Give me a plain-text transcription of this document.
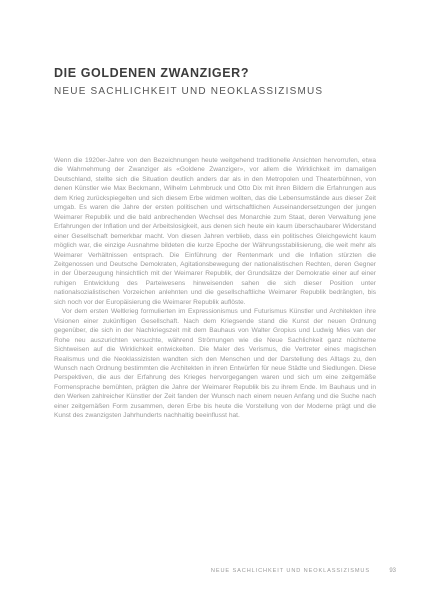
DIE GOLDENEN ZWANZIGER?
NEUE SACHLICHKEIT UND NEOKLASSIZISMUS

Wenn die 1920er-Jahre von den Bezeichnungen heute weitgehend traditionelle Ansichten hervorrufen, etwa die Wahrnehmung der Zwanziger als «Goldene Zwanziger», vor allem die Wirklichkeit im damaligen Deutschland, stellte sich die Situation deutlich anders dar als in den Metropolen und Theaterbühnen, von denen Künstler wie Max Beckmann, Wilhelm Lehmbruck und Otto Dix mit ihren Bildern die Erfahrungen aus dem Krieg zurückspiegelten und sich diesem Erbe widmen wollten, das die Lebensumstände aus dieser Zeit umgab. Es waren die Jahre der ersten politischen und wirtschaftlichen Auseinandersetzungen der jungen Weimarer Republik und die bald anbrechenden Wechsel des Monarchie zum Staat, deren Verwaltung jene Erfahrungen der Inflation und der Arbeitslosigkeit, aus denen sich heute ein kaum überschaubarer Widerstand einer Gesellschaft bemerkbar macht. Von diesen Jahren verblieb, dass ein politisches Gleichgewicht kaum möglich war, die einzige Ausnahme bildeten die kurze Epoche der Währungsstabilisierung, die weit mehr als Weimarer Verhältnissen entsprach. Die Einführung der Rentenmark und die Inflation stürzten die Zeitgenossen und Deutsche Demokraten, Agitationsbewegung der nationalistischen Rechten, deren Gegner in der Überzeugung hinsichtlich mit der Weimarer Republik, der Grundsätze der Demokratie einer auf einer ruhigen Entwicklung des Parteiwesens hinweisenden sahen die sich dieser Position unter nationalsozialistischen Vorzeichen anlehnten und die gesellschaftliche Weimarer Republik bedrängten, bis sich noch vor der Europäisierung die Weimarer Republik auflöste.

Vor dem ersten Weltkrieg formulierten im Expressionismus und Futurismus Künstler und Architekten ihre Visionen einer zukünftigen Gesellschaft. Nach dem Kriegsende stand die Kunst der neuen Ordnung gegenüber, die sich in der Nachkriegszeit mit dem Bauhaus von Walter Gropius und Ludwig Mies van der Rohe neu auszurichten versuchte, während Strömungen wie die Neue Sachlichkeit ganz nüchterne Sichtweisen auf die Wirklichkeit entwickelten. Die Maler des Verismus, die Vertreter eines magischen Realismus und die Neoklassizisten wandten sich den Menschen und der Darstellung des Alltags zu, den Wunsch nach Ordnung bestimmten die Architekten in ihren Entwürfen für neue Städte und Siedlungen. Diese Perspektiven, die aus der Erfahrung des Krieges hervorgegangen waren und sich um eine zeitgemäße Formensprache bemühten, prägten die Jahre der Weimarer Republik bis zu ihrem Ende. Im Bauhaus und in den Werken zahlreicher Künstler der Zeit fanden der Wunsch nach einem neuen Anfang und die Suche nach einer zeitgemäßen Form zusammen, deren Erbe bis heute die Vorstellung von der Moderne prägt und die Kunst des zwanzigsten Jahrhunderts nachhaltig beeinflusst hat.

NEUE SACHLICHKEIT UND NEOKLASSIZISMUS	93
